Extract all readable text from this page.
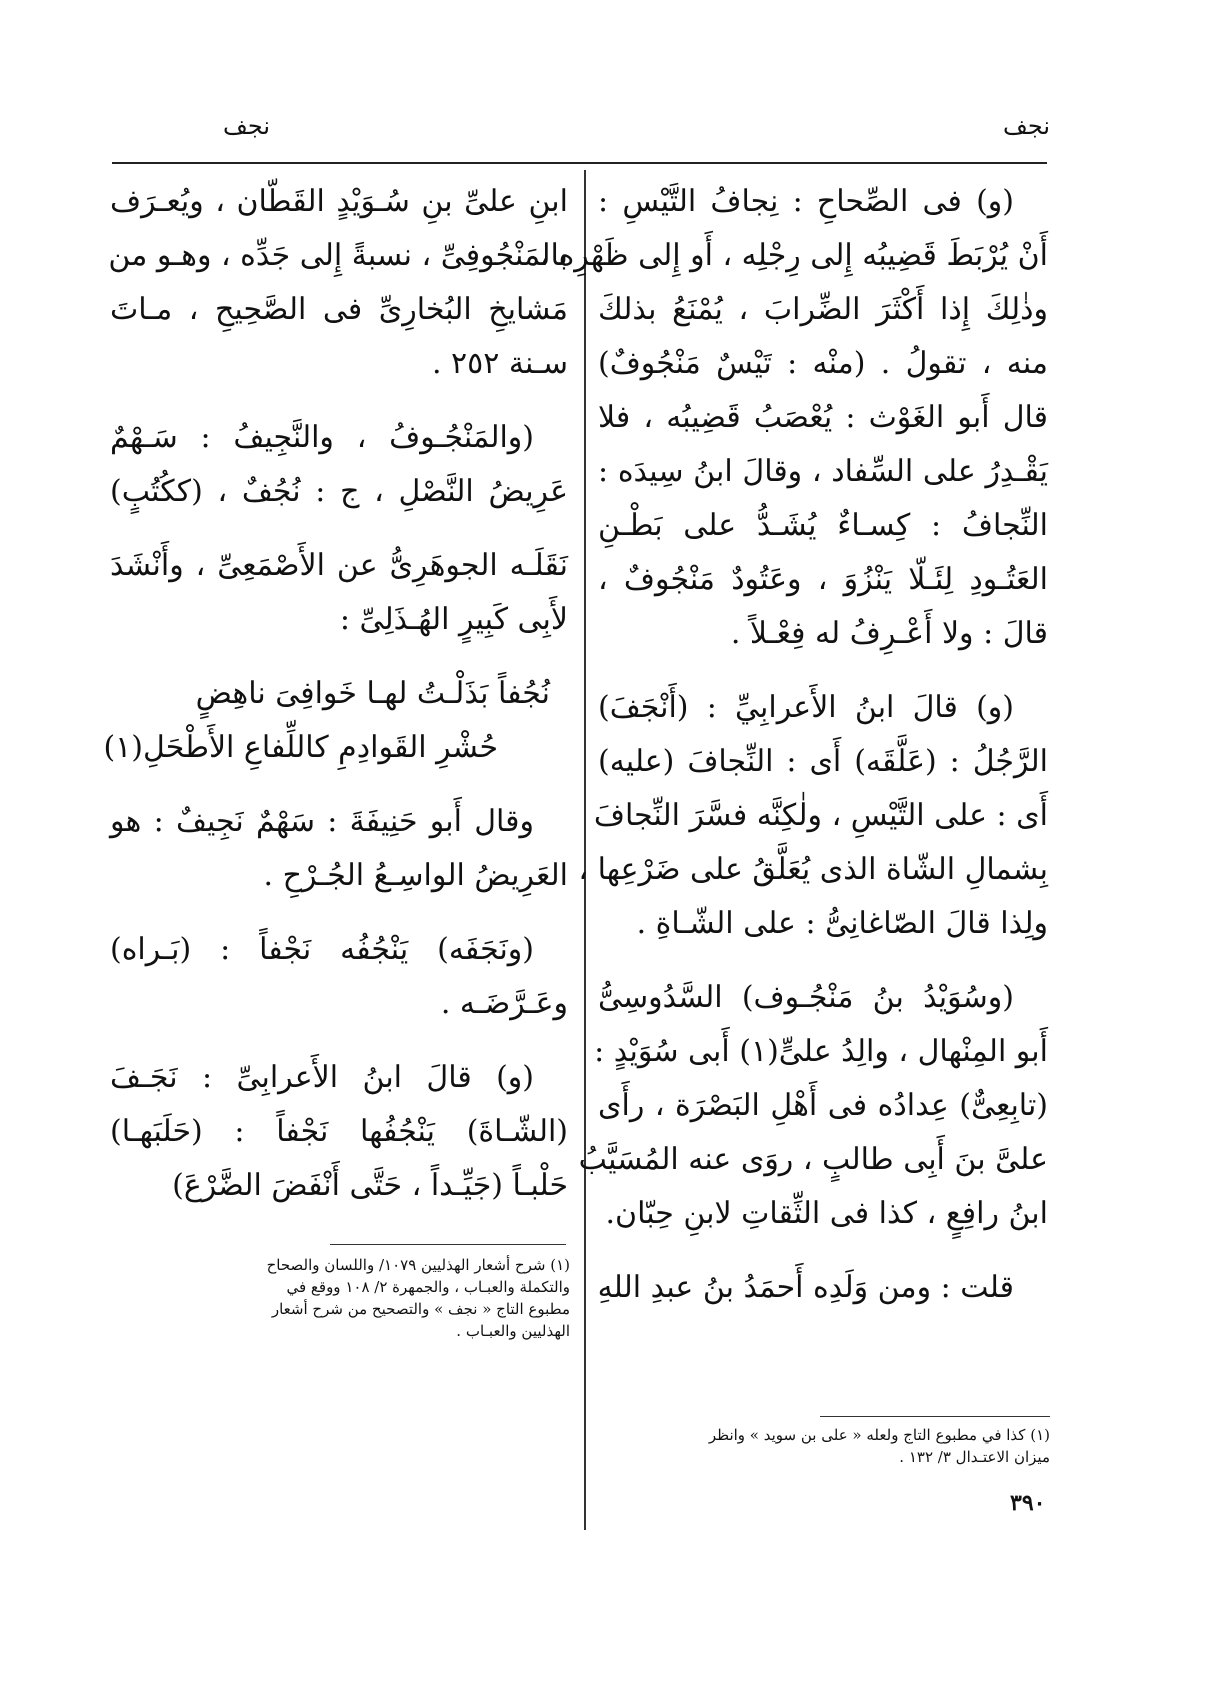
نجف
نجف
(و) فى الصِّحاحِ : نِجافُ التَّيْسِ :
أَنْ يُرْبَطَ قَضِيبُه إِلى رِجْلِه ، أَو إِلى ظَهْرِه ،
وذٰلِكَ إِذا أَكْثَرَ الضِّرابَ ، يُمْنَعُ بذلكَ
منه ، تقولُ . (منْه : تَيْسٌ مَنْجُوفٌ)
قال أَبو الغَوْث : يُعْصَبُ قَضِيبُه ، فلا
يَقْـدِرُ على السِّفاد ، وقالَ ابنُ سِيدَه :
النِّجافُ : كِسـاءٌ يُشَـدُّ على بَطْـنِ
العَتُـودِ لِئَـلّا يَنْزُوَ ، وعَتُودٌ مَنْجُوفٌ ،
قالَ : ولا أَعْـرِفُ له فِعْـلاً .
(و) قالَ ابنُ الأَعرابِيِّ : (أَنْجَفَ)
الرَّجُلُ : (عَلَّقَه) أَى : النِّجافَ (عليه)
أَى : على التَّيْسِ ، ولٰكِنَّه فسَّرَ النِّجافَ
بِشمالِ الشّاة الذى يُعَلَّقُ على ضَرْعِها ،
ولِذا قالَ الصّاغانِىُّ : على الشّـاةِ .
(وسُوَيْدُ بنُ مَنْجُـوف) السَّدُوسِىُّ
أَبو المِنْهال ، والِدُ علىٍّ(١) أَبى سُوَيْدٍ :
(تابِعِىٌّ) عِدادُه فى أَهْلِ البَصْرَة ، رأَى
علىَّ بنَ أَبِى طالبٍ ، روَى عنه المُسَيَّبُ
ابنُ رافِعٍ ، كذا فى الثِّقاتِ لابنِ حِبّان.
قلت : ومن وَلَدِه أَحمَدُ بنُ عبدِ اللهِ
ابنِ علىِّ بنِ سُـوَيْدٍ القَطّان ، ويُعـرَف
بالمَنْجُوفِىِّ ، نسبةً إِلى جَدِّه ، وهـو من
مَشايخِ البُخارِىِّ فى الصَّحِيحِ ، مـاتَ
سـنة ٢٥٢ .
(والمَنْجُـوفُ ، والنَّجِيفُ : سَـهْمٌ
عَرِيضُ النَّصْلِ ، ج : نُجُفٌ ، (ككُتُبٍ)
نَقَلَـه الجوهَرِىُّ عن الأَصْمَعِىِّ ، وأَنْشَدَ
لأَبِى كَبِيرٍ الهُـذَلِىِّ :
نُجُفاً بَذَلْـتُ لهـا خَوافِىَ ناهِضٍ
حُشْرِ القَوادِمِ كاللِّفاعِ الأَطْحَلِ(١)
وقال أَبو حَنِيفَةَ : سَهْمٌ نَجِيفٌ : هو
العَرِيضُ الواسِـعُ الجُـرْحِ .
(ونَجَفَه) يَنْجُفُه نَجْفاً : (بَـراه)
وعَـرَّضَـه .
(و) قالَ ابنُ الأَعرابِىِّ : نَجَـفَ
(الشّـاةَ) يَنْجُفُها نَجْفاً : (حَلَبَهـا)
حَلْبـاً (جَيِّـداً ، حَتَّى أَنْفَضَ الضَّرْعَ)
(١) شرح أشعار الهذليين ١٠٧٩/ واللسان والصحاح
والتكملة والعبـاب ، والجمهرة ٢/ ١٠٨ ووقع في
مطبوع التاج « نجف » والتصحيح من شرح أشعار
الهذليين والعبـاب .
(١) كذا في مطبوع التاج ولعله « على بن سويد » وانظر
ميزان الاعتـدال ٣/ ١٣٢ .
٣٩٠
